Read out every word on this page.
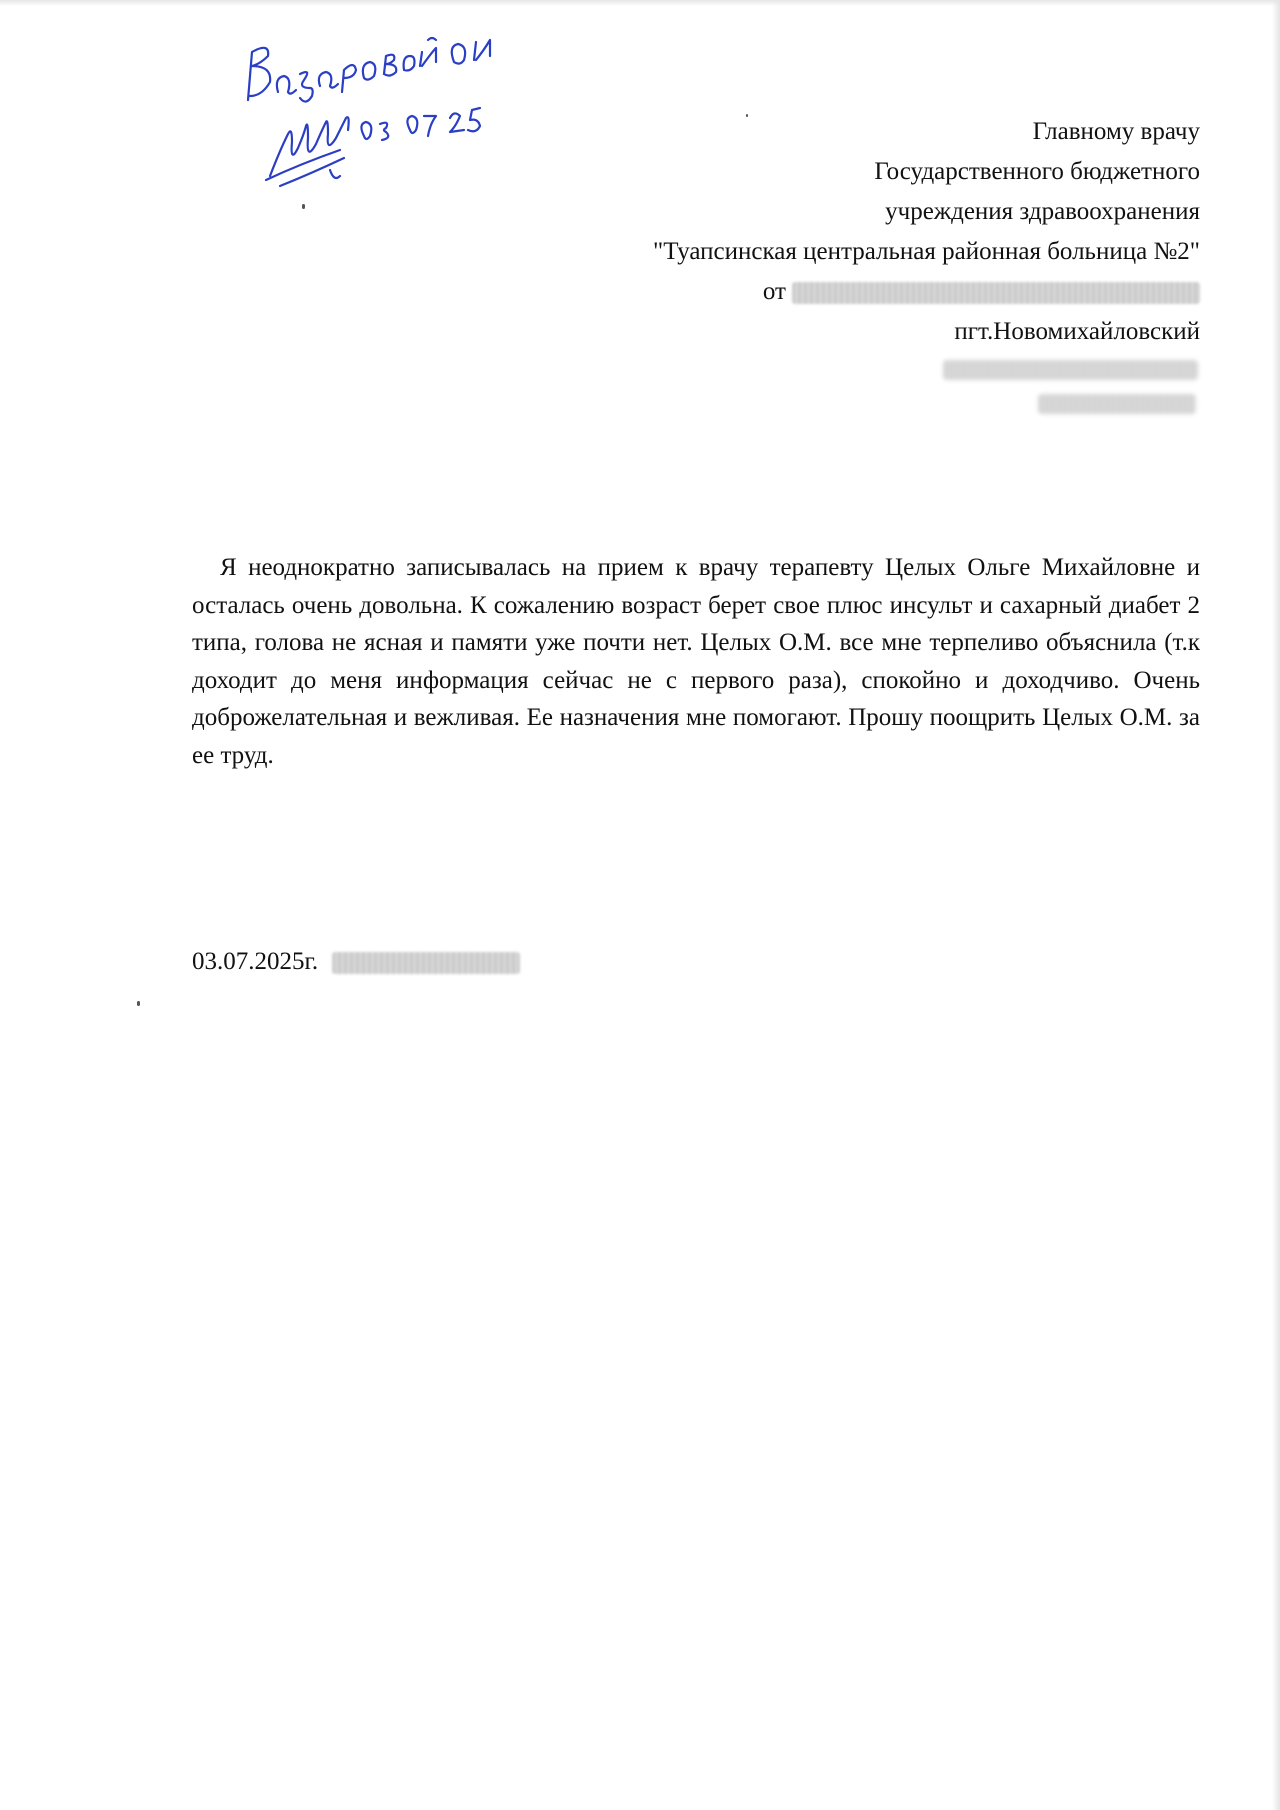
Главному врачу
Государственного бюджетного
учреждения здравоохранения
"Туапсинская центральная районная больница №2"
от
пгт.Новомихайловский

Я неоднократно записывалась на прием к врачу терапевту Целых Ольге Михайловне и осталась очень довольна. К сожалению возраст берет свое плюс инсульт и сахарный диабет 2 типа, голова не ясная и памяти уже почти нет. Целых О.М. все мне терпеливо объяснила (т.к доходит до меня информация сейчас не с первого раза), спокойно и доходчиво. Очень доброжелательная и вежливая. Ее назначения мне помогают. Прошу поощрить Целых О.М. за ее труд.

03.07.2025г.
